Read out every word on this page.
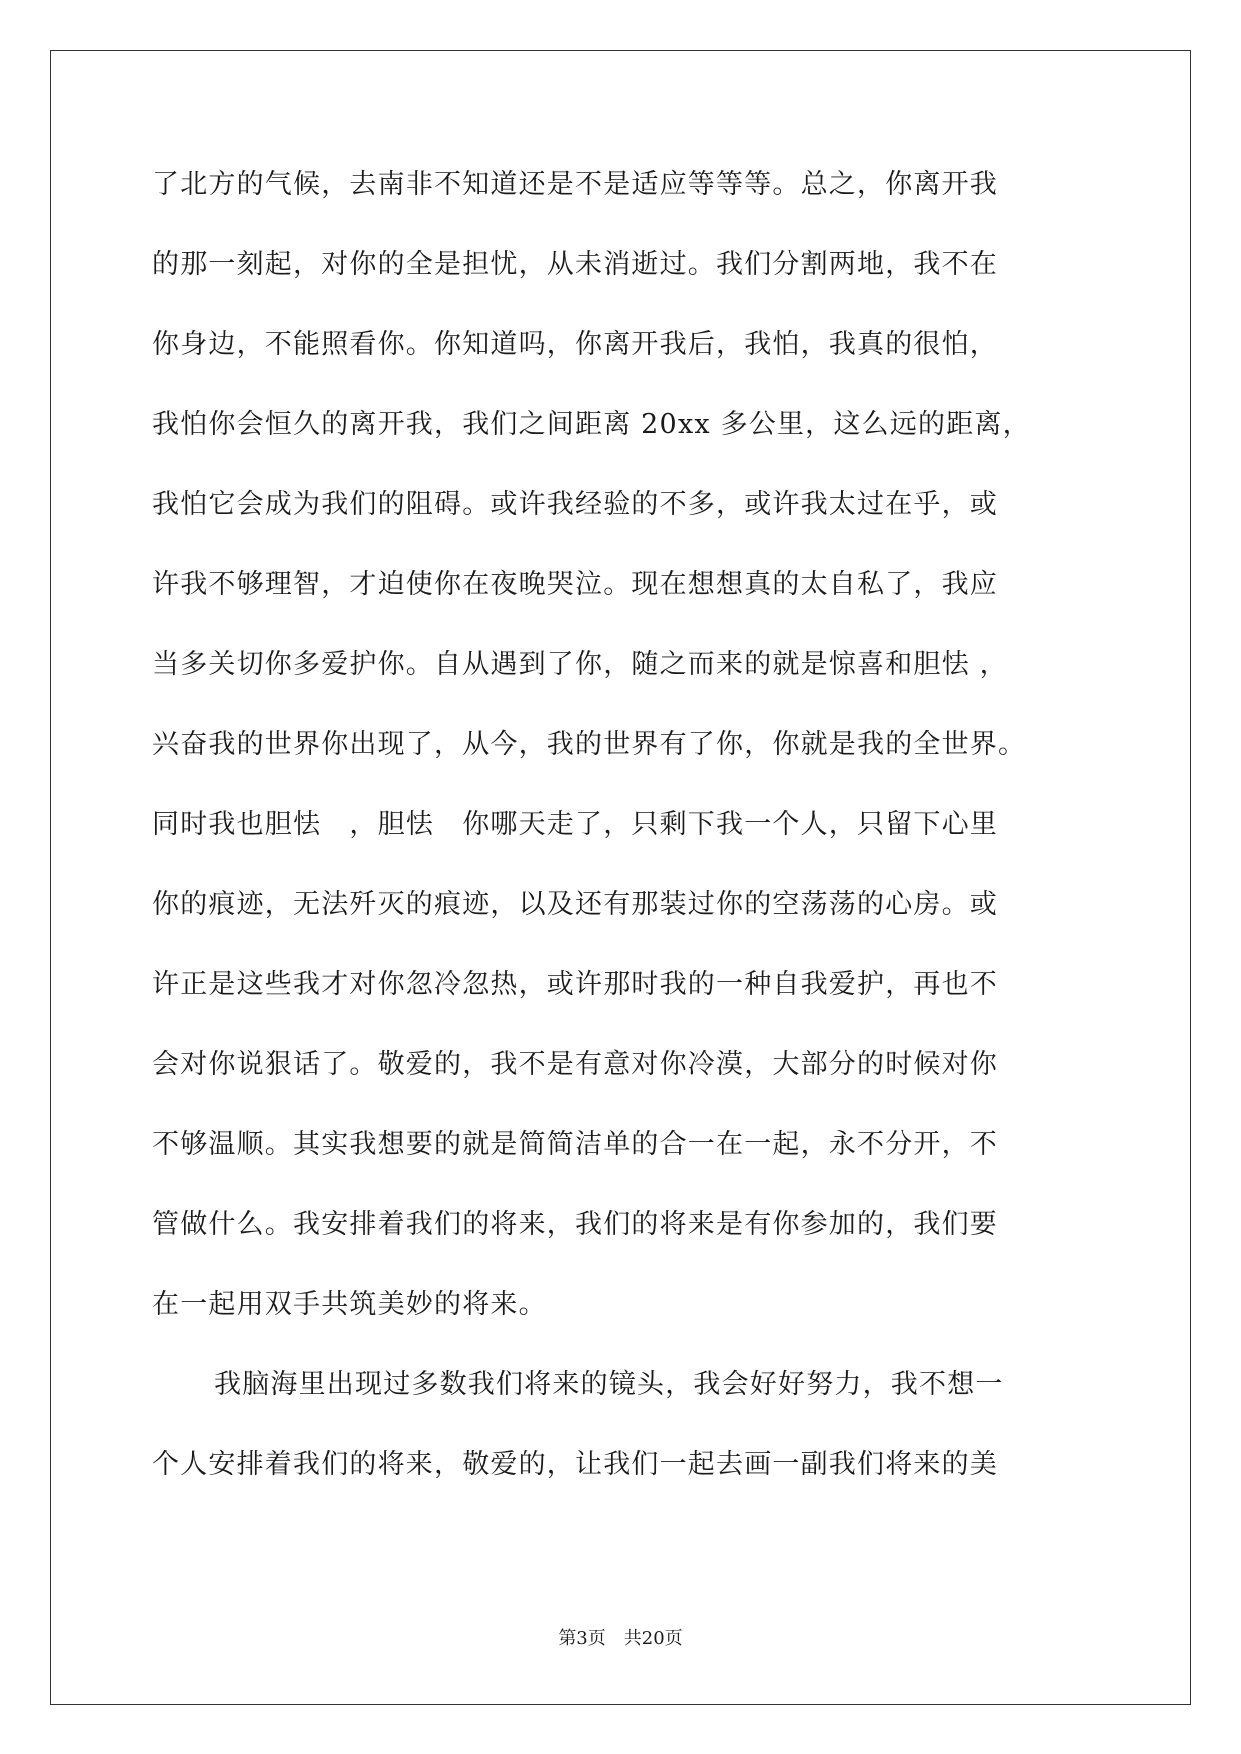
了北方的气候，去南非不知道还是不是适应等等等。总之，你离开我
的那一刻起，对你的全是担忧，从未消逝过。我们分割两地，我不在
你身边，不能照看你。你知道吗，你离开我后，我怕，我真的很怕，
我怕你会恒久的离开我，我们之间距离 20xx 多公里，这么远的距离，
我怕它会成为我们的阻碍。或许我经验的不多，或许我太过在乎，或
许我不够理智，才迫使你在夜晚哭泣。现在想想真的太自私了，我应
当多关切你多爱护你。自从遇到了你，随之而来的就是惊喜和胆怯 ，
兴奋我的世界你出现了，从今，我的世界有了你，你就是我的全世界。
同时我也胆怯　，胆怯　你哪天走了，只剩下我一个人，只留下心里
你的痕迹，无法歼灭的痕迹，以及还有那装过你的空荡荡的心房。或
许正是这些我才对你忽冷忽热，或许那时我的一种自我爱护，再也不
会对你说狠话了。敬爱的，我不是有意对你冷漠，大部分的时候对你
不够温顺。其实我想要的就是简简洁单的合一在一起，永不分开，不
管做什么。我安排着我们的将来，我们的将来是有你参加的，我们要
在一起用双手共筑美妙的将来。
我脑海里出现过多数我们将来的镜头，我会好好努力，我不想一
个人安排着我们的将来，敬爱的，让我们一起去画一副我们将来的美
第3页 共20页
